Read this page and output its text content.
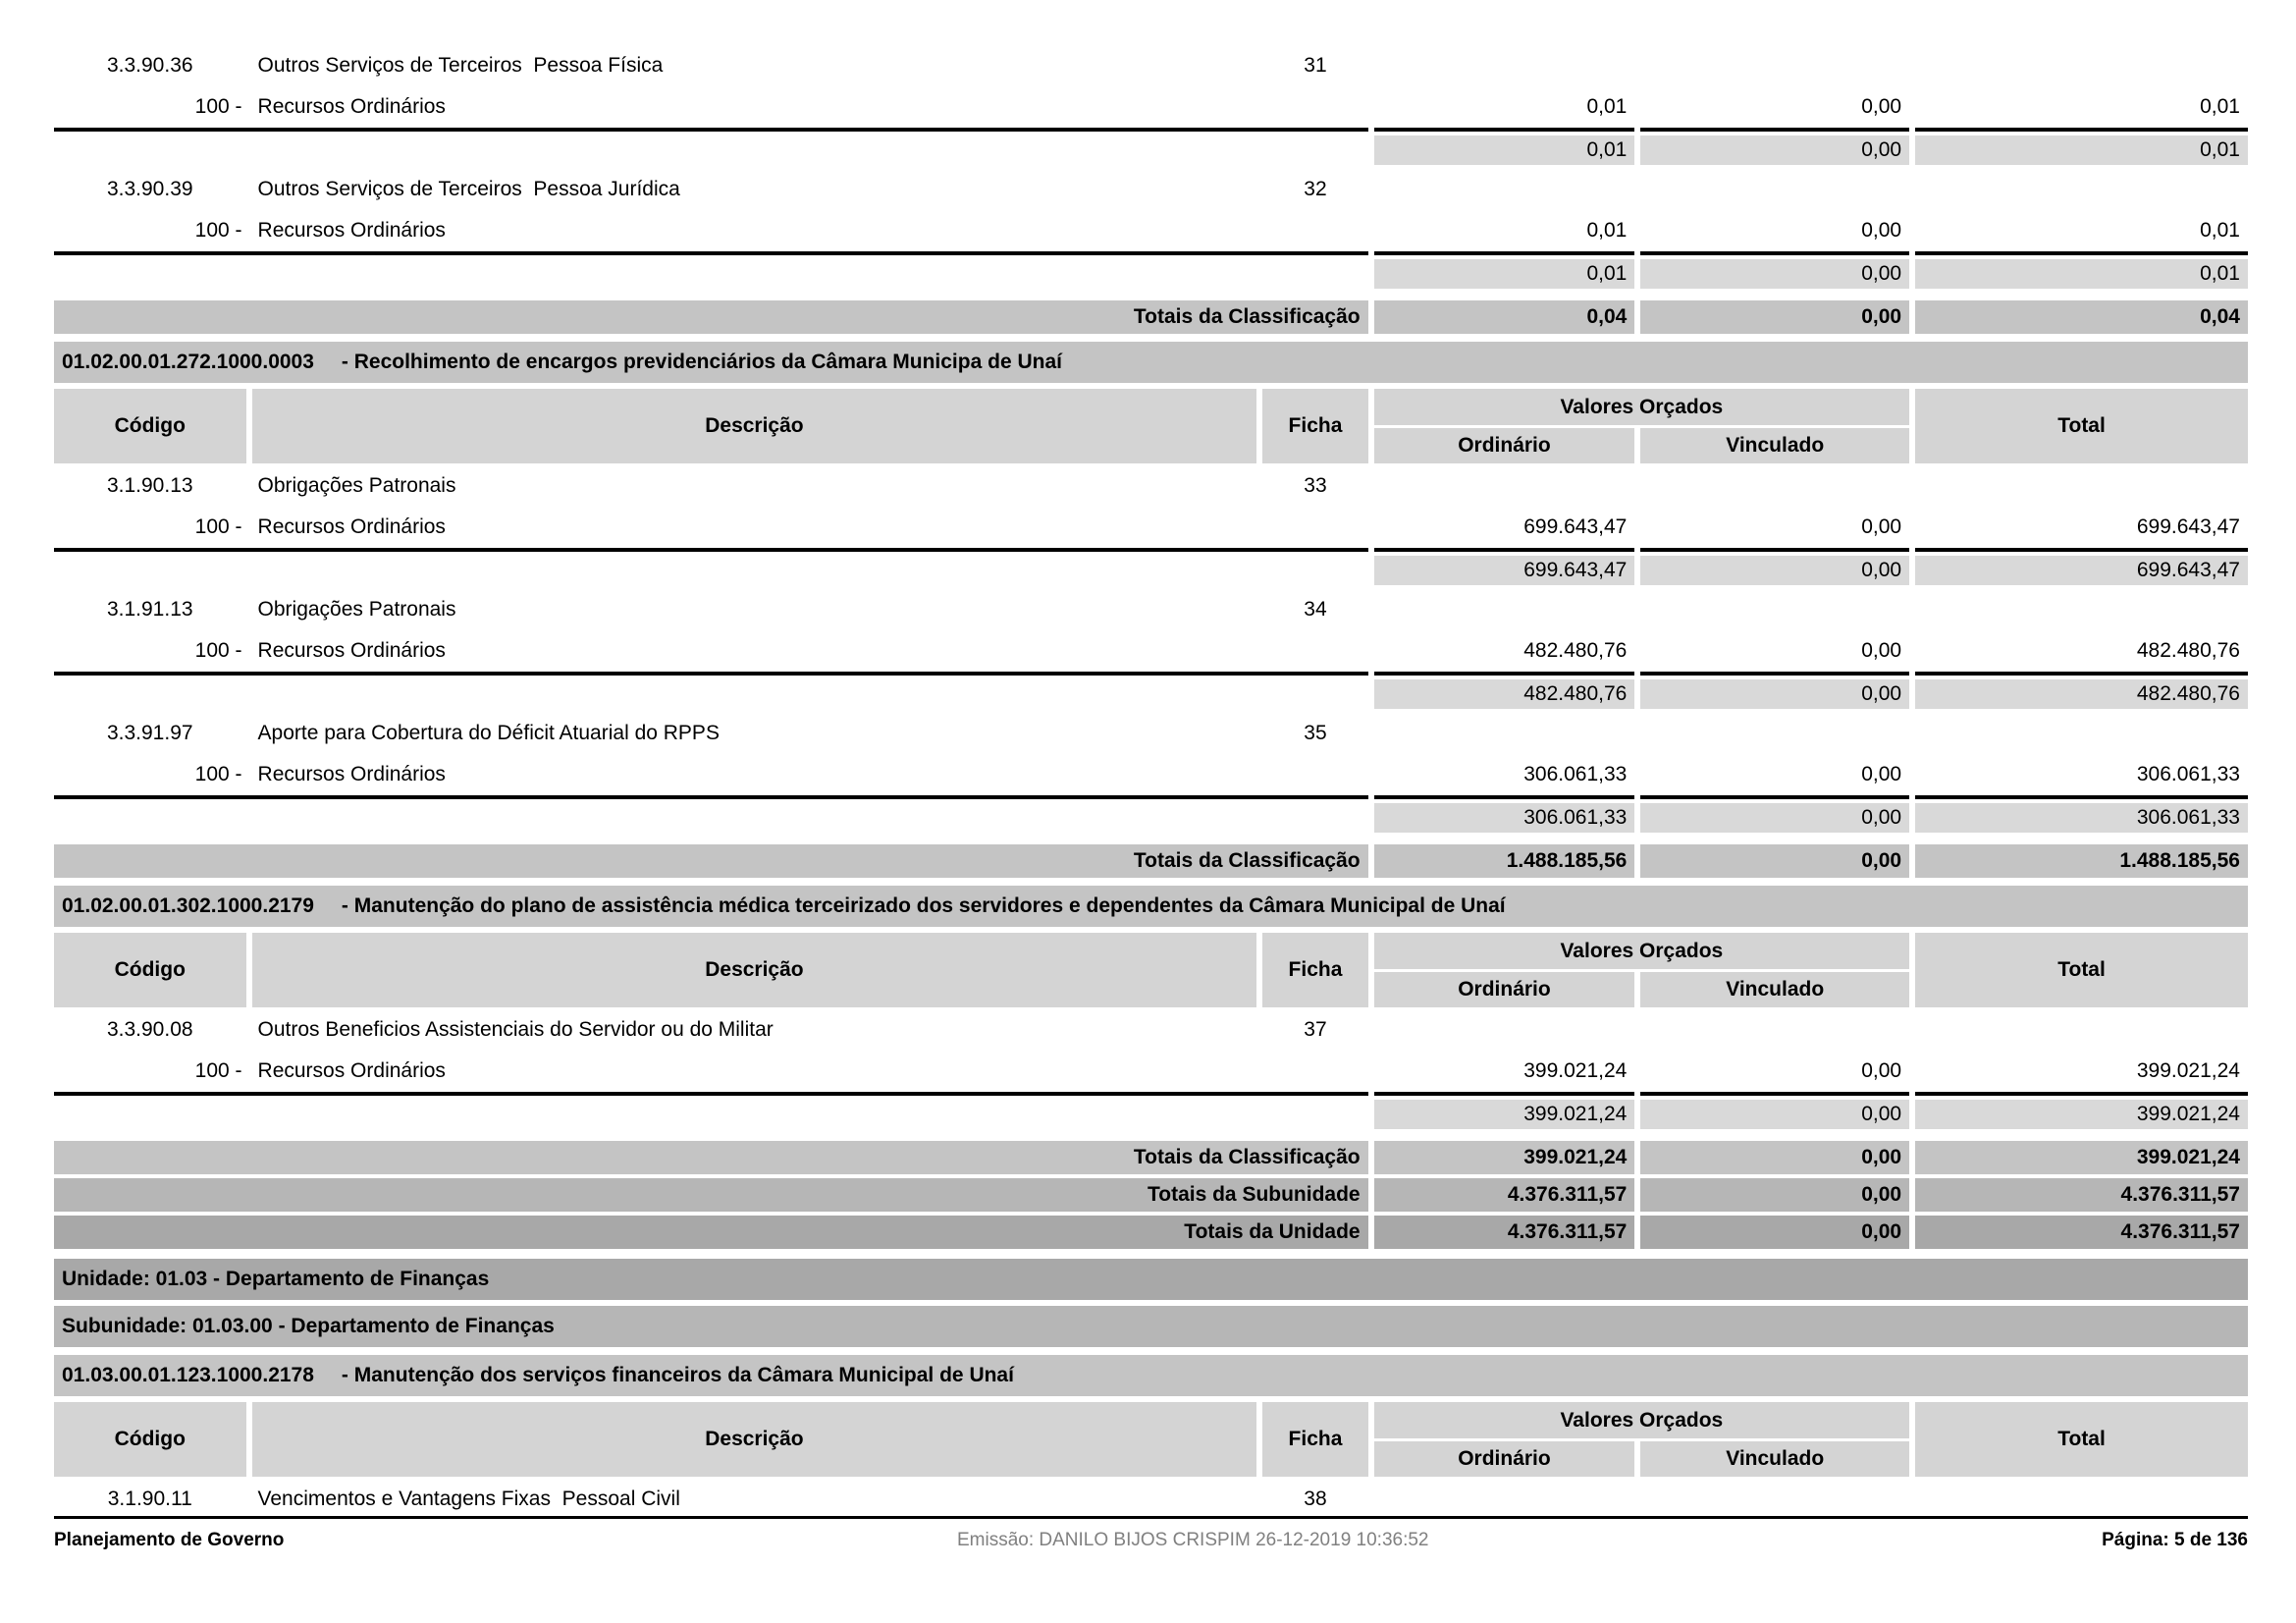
3.3.90.36	Outros Serviços de Terceiros  Pessoa Física	31
100 - Recursos Ordinários	0,01	0,00	0,01
0,01	0,00	0,01
3.3.90.39	Outros Serviços de Terceiros  Pessoa Jurídica	32
100 - Recursos Ordinários	0,01	0,00	0,01
0,01	0,00	0,01
Totais da Classificação	0,04	0,00	0,04
01.02.00.01.272.1000.0003 - Recolhimento de encargos previdenciários da Câmara Municipa de Unaí
Código	Descrição	Ficha
Valores Orçados
Ordinário	Vinculado
Total
3.1.90.13	Obrigações Patronais	33
100 - Recursos Ordinários	699.643,47	0,00	699.643,47
699.643,47	0,00	699.643,47
3.1.91.13	Obrigações Patronais	34
100 - Recursos Ordinários	482.480,76	0,00	482.480,76
482.480,76	0,00	482.480,76
3.3.91.97	Aporte para Cobertura do Déficit Atuarial do RPPS	35
100 - Recursos Ordinários	306.061,33	0,00	306.061,33
306.061,33	0,00	306.061,33
Totais da Classificação	1.488.185,56	0,00	1.488.185,56
01.02.00.01.302.1000.2179 - Manutenção do plano de assistência médica terceirizado dos servidores e dependentes da Câmara Municipal de Unaí
Código	Descrição	Ficha
Valores Orçados
Ordinário	Vinculado
Total
3.3.90.08	Outros Beneficios Assistenciais do Servidor ou do Militar	37
100 - Recursos Ordinários	399.021,24	0,00	399.021,24
399.021,24	0,00	399.021,24
Totais da Classificação	399.021,24	0,00	399.021,24
Totais da Subunidade	4.376.311,57	0,00	4.376.311,57
Totais da Unidade	4.376.311,57	0,00	4.376.311,57
Unidade: 01.03 - Departamento de Finanças
Subunidade: 01.03.00 - Departamento de Finanças
01.03.00.01.123.1000.2178 - Manutenção dos serviços financeiros da Câmara Municipal de Unaí
Código	Descrição	Ficha
Valores Orçados
Ordinário	Vinculado
Total
3.1.90.11	Vencimentos e Vantagens Fixas  Pessoal Civil	38
Planejamento de Governo	Emissão: DANILO BIJOS CRISPIM 26-12-2019 10:36:52	Página: 5 de 136
